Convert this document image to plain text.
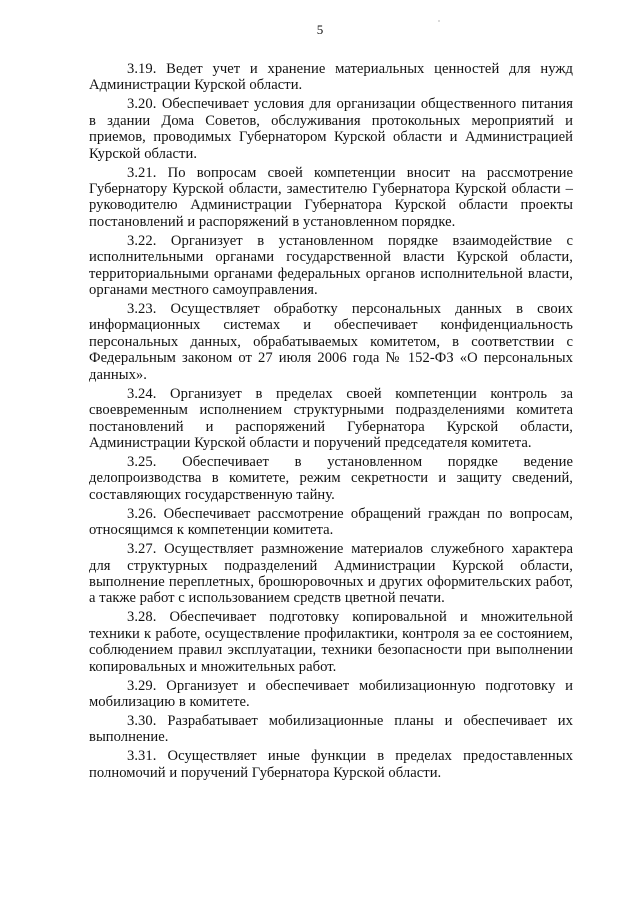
5

3.19. Ведет учет и хранение материальных ценностей для нужд Администрации Курской области.

3.20. Обеспечивает условия для организации общественного питания в здании Дома Советов, обслуживания протокольных мероприятий и приемов, проводимых Губернатором Курской области и Администрацией Курской области.

3.21. По вопросам своей компетенции вносит на рассмотрение Губернатору Курской области, заместителю Губернатора Курской области – руководителю Администрации Губернатора Курской области проекты постановлений и распоряжений в установленном порядке.

3.22. Организует в установленном порядке взаимодействие с исполнительными органами государственной власти Курской области, территориальными органами федеральных органов исполнительной власти, органами местного самоуправления.

3.23. Осуществляет обработку персональных данных в своих информационных системах и обеспечивает конфиденциальность персональных данных, обрабатываемых комитетом, в соответствии с Федеральным законом от 27 июля 2006 года № 152-ФЗ «О персональных данных».

3.24. Организует в пределах своей компетенции контроль за своевременным исполнением структурными подразделениями комитета постановлений и распоряжений Губернатора Курской области, Администрации Курской области и поручений председателя комитета.

3.25. Обеспечивает в установленном порядке ведение делопроизводства в комитете, режим секретности и защиту сведений, составляющих государственную тайну.

3.26. Обеспечивает рассмотрение обращений граждан по вопросам, относящимся к компетенции комитета.

3.27. Осуществляет размножение материалов служебного характера для структурных подразделений Администрации Курской области, выполнение переплетных, брошюровочных и других оформительских работ, а также работ с использованием средств цветной печати.

3.28. Обеспечивает подготовку копировальной и множительной техники к работе, осуществление профилактики, контроля за ее состоянием, соблюдением правил эксплуатации, техники безопасности при выполнении копировальных и множительных работ.

3.29. Организует и обеспечивает мобилизационную подготовку и мобилизацию в комитете.

3.30. Разрабатывает мобилизационные планы и обеспечивает их выполнение.

3.31. Осуществляет иные функции в пределах предоставленных полномочий и поручений Губернатора Курской области.
